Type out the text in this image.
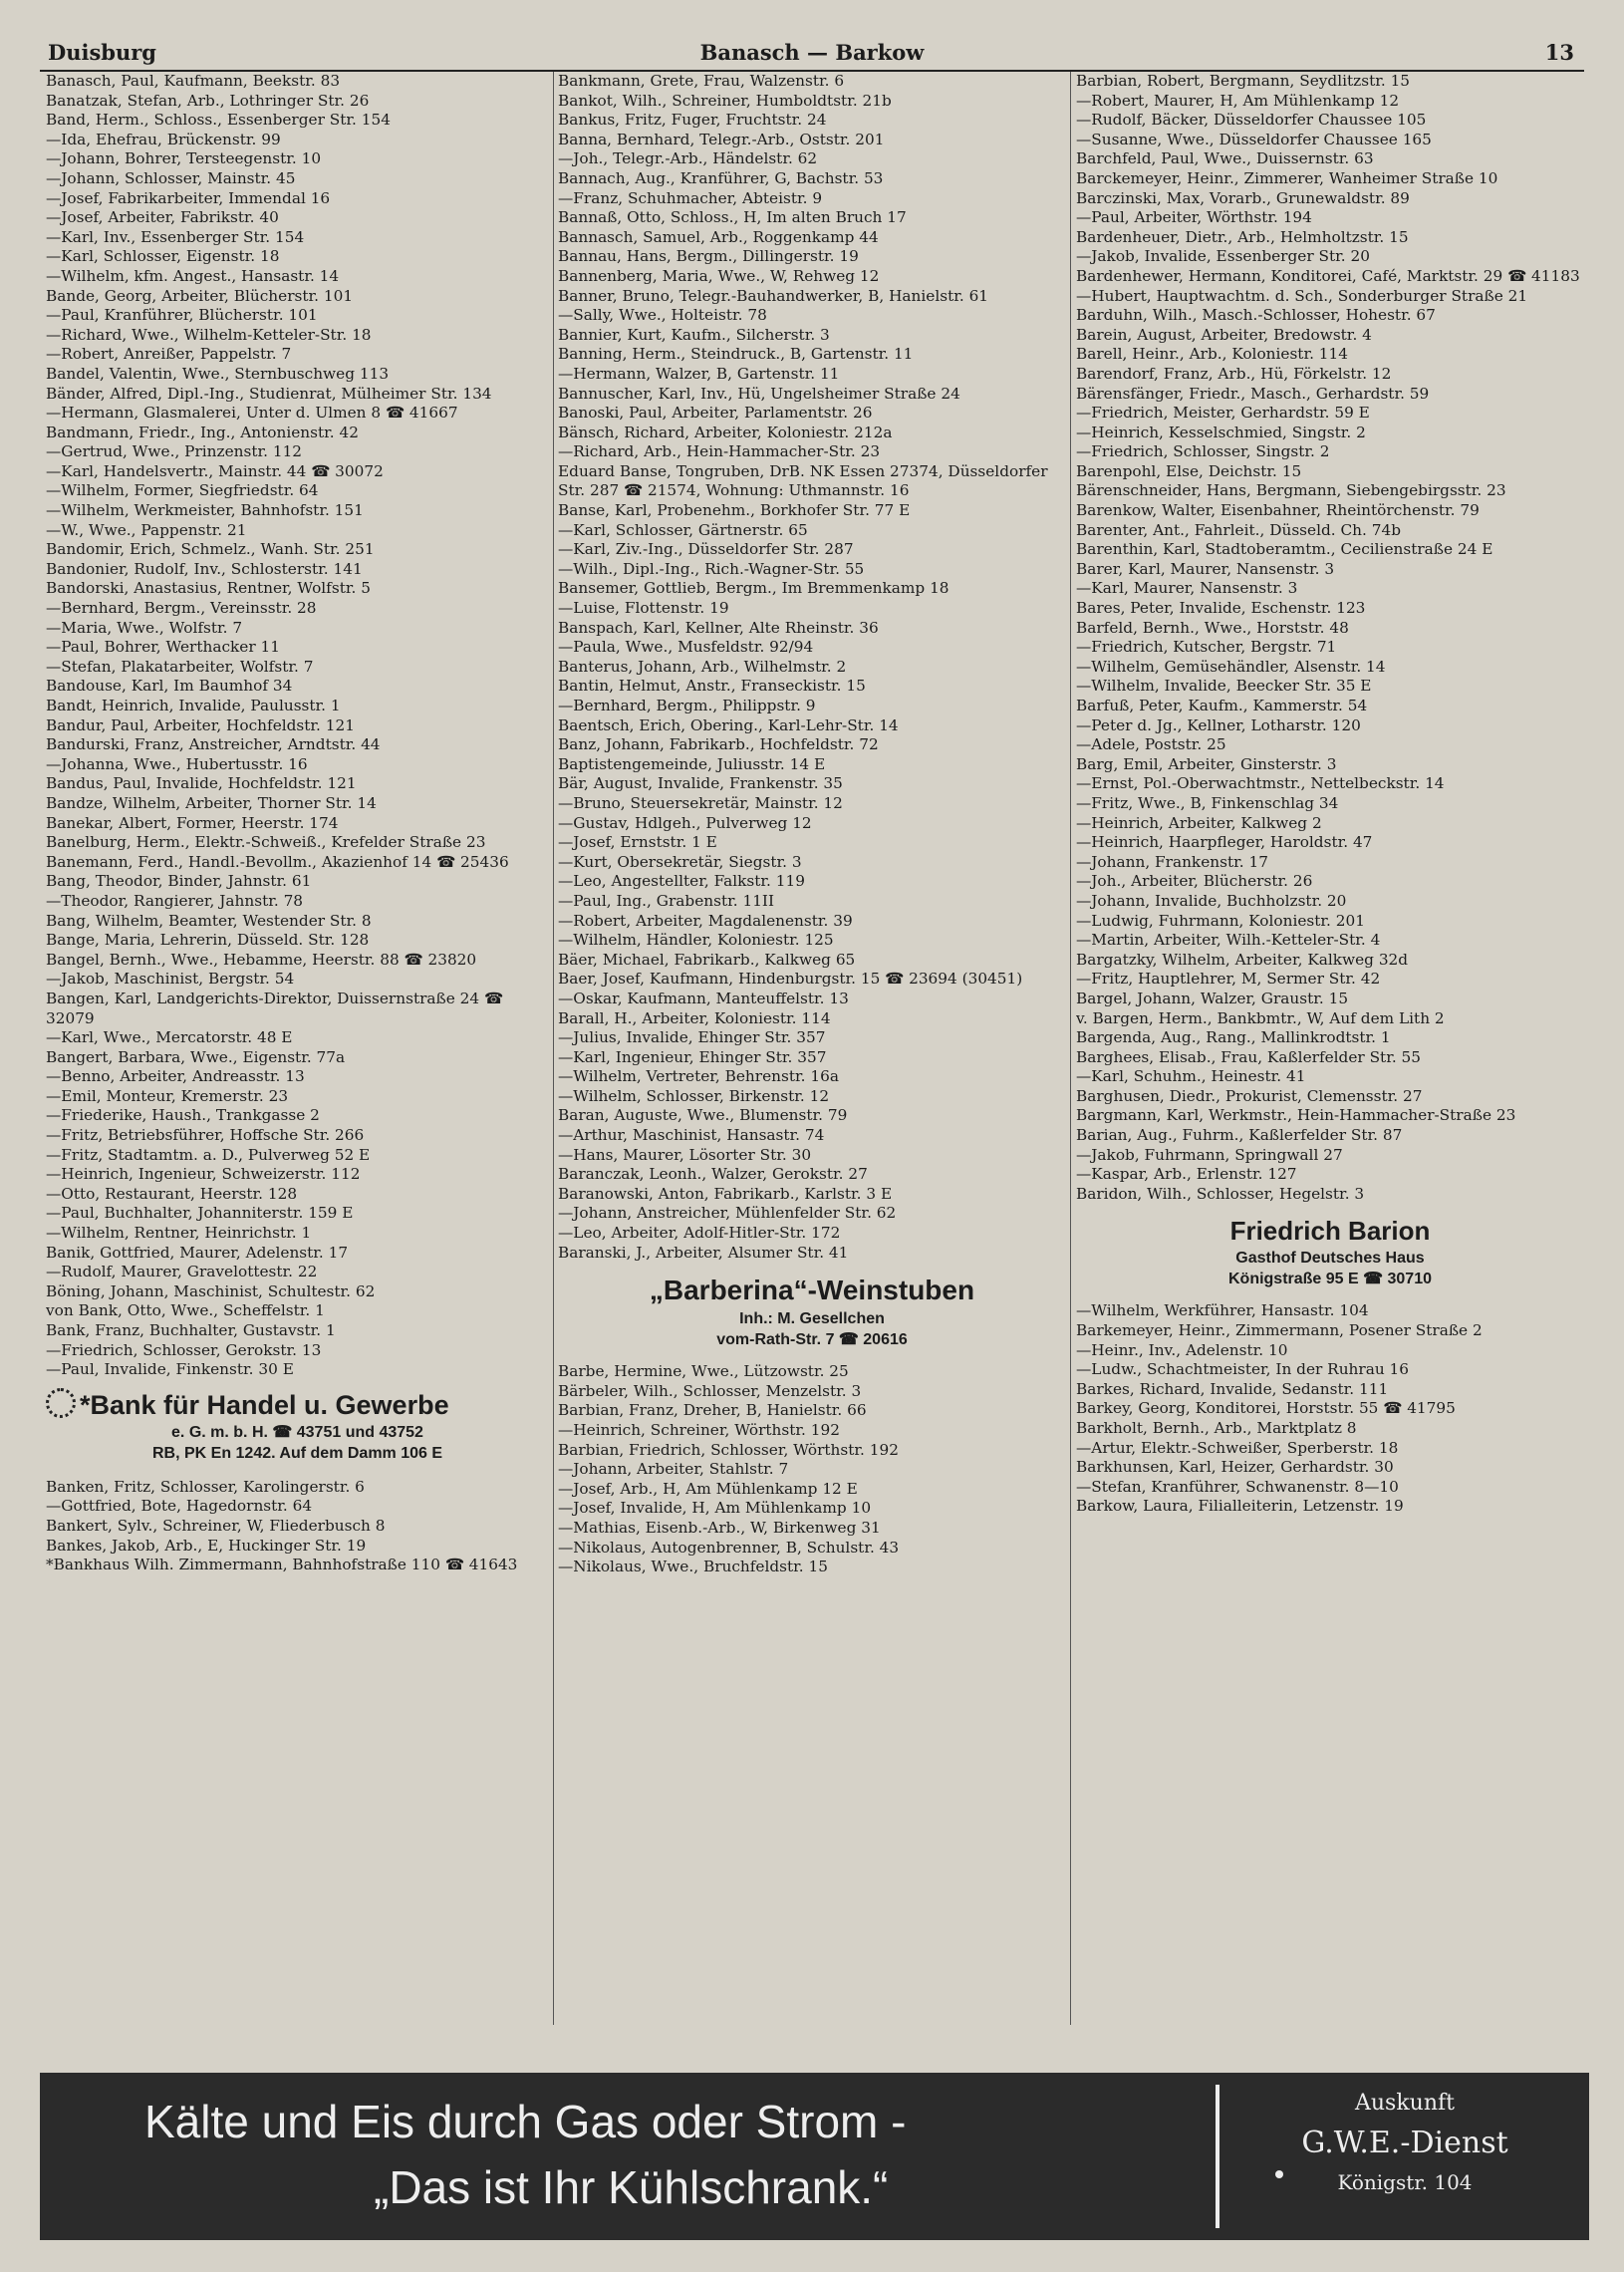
Duisburg	Banasch — Barkow	13
Banasch, Paul, Kaufmann, Beekstr. 83
Banatzak, Stefan, Arb., Lothringer Str. 26
Band, Herm., Schloss., Essenberger Str. 154
—Ida, Ehefrau, Brückenstr. 99
—Johann, Bohrer, Tersteegenstr. 10
—Johann, Schlosser, Mainstr. 45
—Josef, Fabrikarbeiter, Immendal 16
—Josef, Arbeiter, Fabrikstr. 40
—Karl, Inv., Essenberger Str. 154
—Karl, Schlosser, Eigenstr. 18
—Wilhelm, kfm. Angest., Hansastr. 14
Bande, Georg, Arbeiter, Blücherstr. 101
—Paul, Kranführer, Blücherstr. 101
—Richard, Wwe., Wilhelm-Ketteler-Str. 18
—Robert, Anreißer, Pappelstr. 7
Bandel, Valentin, Wwe., Sternbuschweg 113
Bänder, Alfred, Dipl.-Ing., Studienrat, Mülheimer Str. 134
—Hermann, Glasmalerei, Unter d. Ulmen 8 ☎ 41667
Bandmann, Friedr., Ing., Antonienstr. 42
—Gertrud, Wwe., Prinzenstr. 112
—Karl, Handelsvertr., Mainstr. 44 ☎ 30072
—Wilhelm, Former, Siegfriedstr. 64
—Wilhelm, Werkmeister, Bahnhofstr. 151
—W., Wwe., Pappenstr. 21
Bandomir, Erich, Schmelz., Wanh. Str. 251
Bandonier, Rudolf, Inv., Schlosterstr. 141
Bandorski, Anastasius, Rentner, Wolfstr. 5
—Bernhard, Bergm., Vereinsstr. 28
—Maria, Wwe., Wolfstr. 7
—Paul, Bohrer, Werthacker 11
—Stefan, Plakatarbeiter, Wolfstr. 7
Bandouse, Karl, Im Baumhof 34
Bandt, Heinrich, Invalide, Paulusstr. 1
Bandur, Paul, Arbeiter, Hochfeldstr. 121
Bandurski, Franz, Anstreicher, Arndtstr. 44
—Johanna, Wwe., Hubertusstr. 16
Bandus, Paul, Invalide, Hochfeldstr. 121
Bandze, Wilhelm, Arbeiter, Thorner Str. 14
Banekar, Albert, Former, Heerstr. 174
Banelburg, Herm., Elektr.-Schweiß., Krefelder Straße 23
Banemann, Ferd., Handl.-Bevollm., Akazienhof 14 ☎ 25436
Bang, Theodor, Binder, Jahnstr. 61
—Theodor, Rangierer, Jahnstr. 78
Bang, Wilhelm, Beamter, Westender Str. 8
Bange, Maria, Lehrerin, Düsseld. Str. 128
Bangel, Bernh., Wwe., Hebamme, Heerstr. 88 ☎ 23820
—Jakob, Maschinist, Bergstr. 54
Bangen, Karl, Landgerichts-Direktor, Duissernstraße 24 ☎ 32079
—Karl, Wwe., Mercatorstr. 48 E
Bangert, Barbara, Wwe., Eigenstr. 77a
—Benno, Arbeiter, Andreasstr. 13
—Emil, Monteur, Kremerstr. 23
—Friederike, Haush., Trankgasse 2
—Fritz, Betriebsführer, Hoffsche Str. 266
—Fritz, Stadtamtm. a. D., Pulverweg 52 E
—Heinrich, Ingenieur, Schweizerstr. 112
—Otto, Restaurant, Heerstr. 128
—Paul, Buchhalter, Johanniterstr. 159 E
—Wilhelm, Rentner, Heinrichstr. 1
Banik, Gottfried, Maurer, Adelenstr. 17
—Rudolf, Maurer, Gravelottestr. 22
Böning, Johann, Maschinist, Schultestr. 62
von Bank, Otto, Wwe., Scheffelstr. 1
Bank, Franz, Buchhalter, Gustavstr. 1
—Friedrich, Schlosser, Gerokstr. 13
—Paul, Invalide, Finkenstr. 30 E
*Bank für Handel u. Gewerbe
e. G. m. b. H. ☎ 43751 und 43752
RB, PK En 1242. Auf dem Damm 106 E
Banken, Fritz, Schlosser, Karolingerstr. 6
—Gottfried, Bote, Hagedornstr. 64
Bankert, Sylv., Schreiner, W, Fliederbusch 8
Bankes, Jakob, Arb., E, Huckinger Str. 19
*Bankhaus Wilh. Zimmermann, Bahnhofstraße 110 ☎ 41643
Bankmann, Grete, Frau, Walzenstr. 6
Bankot, Wilh., Schreiner, Humboldtstr. 21b
Bankus, Fritz, Fuger, Fruchtstr. 24
Banna, Bernhard, Telegr.-Arb., Oststr. 201
—Joh., Telegr.-Arb., Händelstr. 62
Bannach, Aug., Kranführer, G, Bachstr. 53
—Franz, Schuhmacher, Abteistr. 9
Bannaß, Otto, Schloss., H, Im alten Bruch 17
Bannasch, Samuel, Arb., Roggenkamp 44
Bannau, Hans, Bergm., Dillingerstr. 19
Bannenberg, Maria, Wwe., W, Rehweg 12
Banner, Bruno, Telegr.-Bauhandwerker, B, Hanielstr. 61
—Sally, Wwe., Holteistr. 78
Bannier, Kurt, Kaufm., Silcherstr. 3
Banning, Herm., Steindruck., B, Gartenstr. 11
—Hermann, Walzer, B, Gartenstr. 11
Bannuscher, Karl, Inv., Hü, Ungelsheimer Straße 24
Banoski, Paul, Arbeiter, Parlamentstr. 26
Bänsch, Richard, Arbeiter, Koloniestr. 212a
—Richard, Arb., Hein-Hammacher-Str. 23
Eduard Banse, Tongruben, DrB. NK Essen 27374, Düsseldorfer Str. 287 ☎ 21574, Wohnung: Uthmannstr. 16
Banse, Karl, Probenehm., Borkhofer Str. 77 E
—Karl, Schlosser, Gärtnerstr. 65
—Karl, Ziv.-Ing., Düsseldorfer Str. 287
—Wilh., Dipl.-Ing., Rich.-Wagner-Str. 55
Bansemer, Gottlieb, Bergm., Im Bremmenkamp 18
—Luise, Flottenstr. 19
Banspach, Karl, Kellner, Alte Rheinstr. 36
—Paula, Wwe., Musfeldstr. 92/94
Banterus, Johann, Arb., Wilhelmstr. 2
Bantin, Helmut, Anstr., Franseckistr. 15
—Bernhard, Bergm., Philippstr. 9
Baentsch, Erich, Obering., Karl-Lehr-Str. 14
Banz, Johann, Fabrikarb., Hochfeldstr. 72
Baptistengemeinde, Juliusstr. 14 E
Bär, August, Invalide, Frankenstr. 35
—Bruno, Steuersekretär, Mainstr. 12
—Gustav, Hdlgeh., Pulverweg 12
—Josef, Ernststr. 1 E
—Kurt, Obersekretär, Siegstr. 3
—Leo, Angestellter, Falkstr. 119
—Paul, Ing., Grabenstr. 11II
—Robert, Arbeiter, Magdalenenstr. 39
—Wilhelm, Händler, Koloniestr. 125
Bäer, Michael, Fabrikarb., Kalkweg 65
Baer, Josef, Kaufmann, Hindenburgstr. 15 ☎ 23694 (30451)
—Oskar, Kaufmann, Manteuffelstr. 13
Barall, H., Arbeiter, Koloniestr. 114
—Julius, Invalide, Ehinger Str. 357
—Karl, Ingenieur, Ehinger Str. 357
—Wilhelm, Vertreter, Behrenstr. 16a
—Wilhelm, Schlosser, Birkenstr. 12
Baran, Auguste, Wwe., Blumenstr. 79
—Arthur, Maschinist, Hansastr. 74
—Hans, Maurer, Lösorter Str. 30
Baranczak, Leonh., Walzer, Gerokstr. 27
Baranowski, Anton, Fabrikarb., Karlstr. 3 E
—Johann, Anstreicher, Mühlenfelder Str. 62
—Leo, Arbeiter, Adolf-Hitler-Str. 172
Baranski, J., Arbeiter, Alsumer Str. 41
„Barberina“-Weinstuben
Inh.: M. Gesellchen
vom-Rath-Str. 7 ☎ 20616
Barbe, Hermine, Wwe., Lützowstr. 25
Bärbeler, Wilh., Schlosser, Menzelstr. 3
Barbian, Franz, Dreher, B, Hanielstr. 66
—Heinrich, Schreiner, Wörthstr. 192
Barbian, Friedrich, Schlosser, Wörthstr. 192
—Johann, Arbeiter, Stahlstr. 7
—Josef, Arb., H, Am Mühlenkamp 12 E
—Josef, Invalide, H, Am Mühlenkamp 10
—Mathias, Eisenb.-Arb., W, Birkenweg 31
—Nikolaus, Autogenbrenner, B, Schulstr. 43
—Nikolaus, Wwe., Bruchfeldstr. 15
Barbian, Robert, Bergmann, Seydlitzstr. 15
—Robert, Maurer, H, Am Mühlenkamp 12
—Rudolf, Bäcker, Düsseldorfer Chaussee 105
—Susanne, Wwe., Düsseldorfer Chaussee 165
Barchfeld, Paul, Wwe., Duissernstr. 63
Barckemeyer, Heinr., Zimmerer, Wanheimer Straße 10
Barczinski, Max, Vorarb., Grunewaldstr. 89
—Paul, Arbeiter, Wörthstr. 194
Bardenheuer, Dietr., Arb., Helmholtzstr. 15
—Jakob, Invalide, Essenberger Str. 20
Bardenhewer, Hermann, Konditorei, Café, Marktstr. 29 ☎ 41183
—Hubert, Hauptwachtm. d. Sch., Sonderburger Straße 21
Barduhn, Wilh., Masch.-Schlosser, Hohestr. 67
Barein, August, Arbeiter, Bredowstr. 4
Barell, Heinr., Arb., Koloniestr. 114
Barendorf, Franz, Arb., Hü, Förkelstr. 12
Bärensfänger, Friedr., Masch., Gerhardstr. 59
—Friedrich, Meister, Gerhardstr. 59 E
—Heinrich, Kesselschmied, Singstr. 2
—Friedrich, Schlosser, Singstr. 2
Barenpohl, Else, Deichstr. 15
Bärenschneider, Hans, Bergmann, Siebengebirgsstr. 23
Barenkow, Walter, Eisenbahner, Rheintörchenstr. 79
Barenter, Ant., Fahrleit., Düsseld. Ch. 74b
Barenthin, Karl, Stadtoberamtm., Cecilienstraße 24 E
Barer, Karl, Maurer, Nansenstr. 3
—Karl, Maurer, Nansenstr. 3
Bares, Peter, Invalide, Eschenstr. 123
Barfeld, Bernh., Wwe., Horststr. 48
—Friedrich, Kutscher, Bergstr. 71
—Wilhelm, Gemüsehändler, Alsenstr. 14
—Wilhelm, Invalide, Beecker Str. 35 E
Barfuß, Peter, Kaufm., Kammerstr. 54
—Peter d. Jg., Kellner, Lotharstr. 120
—Adele, Poststr. 25
Barg, Emil, Arbeiter, Ginsterstr. 3
—Ernst, Pol.-Oberwachtmstr., Nettelbeckstr. 14
—Fritz, Wwe., B, Finkenschlag 34
—Heinrich, Arbeiter, Kalkweg 2
—Heinrich, Haarpfleger, Haroldstr. 47
—Johann, Frankenstr. 17
—Joh., Arbeiter, Blücherstr. 26
—Johann, Invalide, Buchholzstr. 20
—Ludwig, Fuhrmann, Koloniestr. 201
—Martin, Arbeiter, Wilh.-Ketteler-Str. 4
Bargatzky, Wilhelm, Arbeiter, Kalkweg 32d
—Fritz, Hauptlehrer, M, Sermer Str. 42
Bargel, Johann, Walzer, Graustr. 15
v. Bargen, Herm., Bankbmtr., W, Auf dem Lith 2
Bargenda, Aug., Rang., Mallinkrodtstr. 1
Barghees, Elisab., Frau, Kaßlerfelder Str. 55
—Karl, Schuhm., Heinestr. 41
Barghusen, Diedr., Prokurist, Clemensstr. 27
Bargmann, Karl, Werkmstr., Hein-Hammacher-Straße 23
Barian, Aug., Fuhrm., Kaßlerfelder Str. 87
—Jakob, Fuhrmann, Springwall 27
—Kaspar, Arb., Erlenstr. 127
Baridon, Wilh., Schlosser, Hegelstr. 3
Friedrich Barion
Gasthof Deutsches Haus
Königstraße 95 E ☎ 30710
—Wilhelm, Werkführer, Hansastr. 104
Barkemeyer, Heinr., Zimmermann, Posener Straße 2
—Heinr., Inv., Adelenstr. 10
—Ludw., Schachtmeister, In der Ruhrau 16
Barkes, Richard, Invalide, Sedanstr. 111
Barkey, Georg, Konditorei, Horststr. 55 ☎ 41795
Barkholt, Bernh., Arb., Marktplatz 8
—Artur, Elektr.-Schweißer, Sperberstr. 18
Barkhunsen, Karl, Heizer, Gerhardstr. 30
—Stefan, Kranführer, Schwanenstr. 8—10
Barkow, Laura, Filialleiterin, Letzenstr. 19
Kälte und Eis durch Gas oder Strom -
„Das ist Ihr Kühlschrank.“
Auskunft
G.W.E.-Dienst
Königstr. 104
